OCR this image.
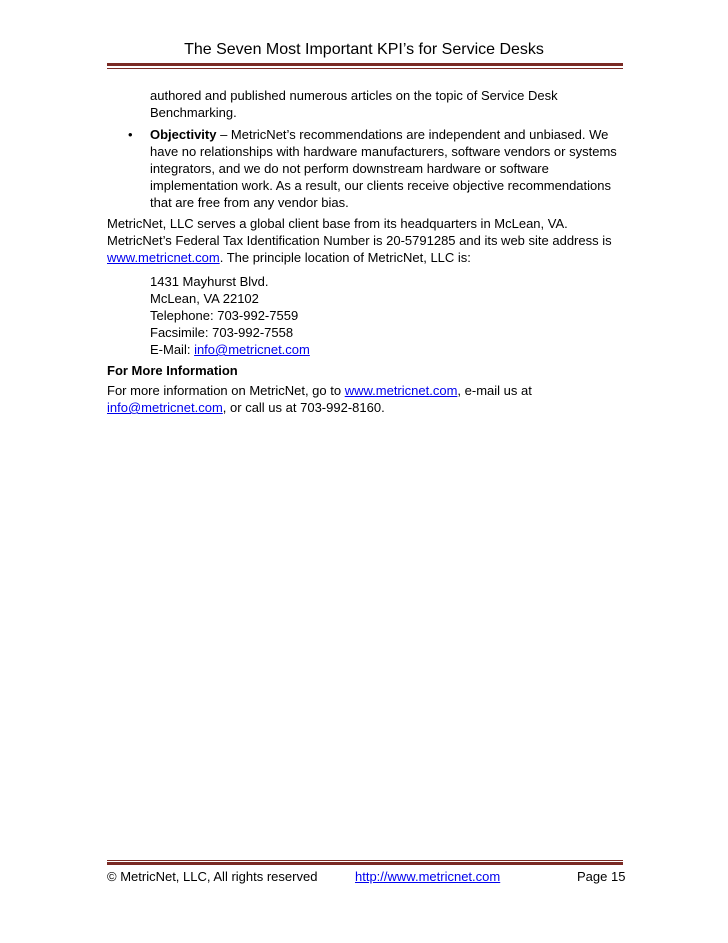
The Seven Most Important KPI’s for Service Desks
authored and published numerous articles on the topic of Service Desk
Benchmarking.
• Objectivity – MetricNet’s recommendations are independent and unbiased. We
have no relationships with hardware manufacturers, software vendors or systems
integrators, and we do not perform downstream hardware or software
implementation work. As a result, our clients receive objective recommendations
that are free from any vendor bias.
MetricNet, LLC serves a global client base from its headquarters in McLean, VA.
MetricNet’s Federal Tax Identification Number is 20-5791285 and its web site address is
www.metricnet.com. The principle location of MetricNet, LLC is:
1431 Mayhurst Blvd.
McLean, VA 22102
Telephone: 703-992-7559
Facsimile: 703-992-7558
E-Mail: info@metricnet.com
For More Information
For more information on MetricNet, go to www.metricnet.com, e-mail us at
info@metricnet.com, or call us at 703-992-8160.
© MetricNet, LLC, All rights reserved	http://www.metricnet.com	Page 15
